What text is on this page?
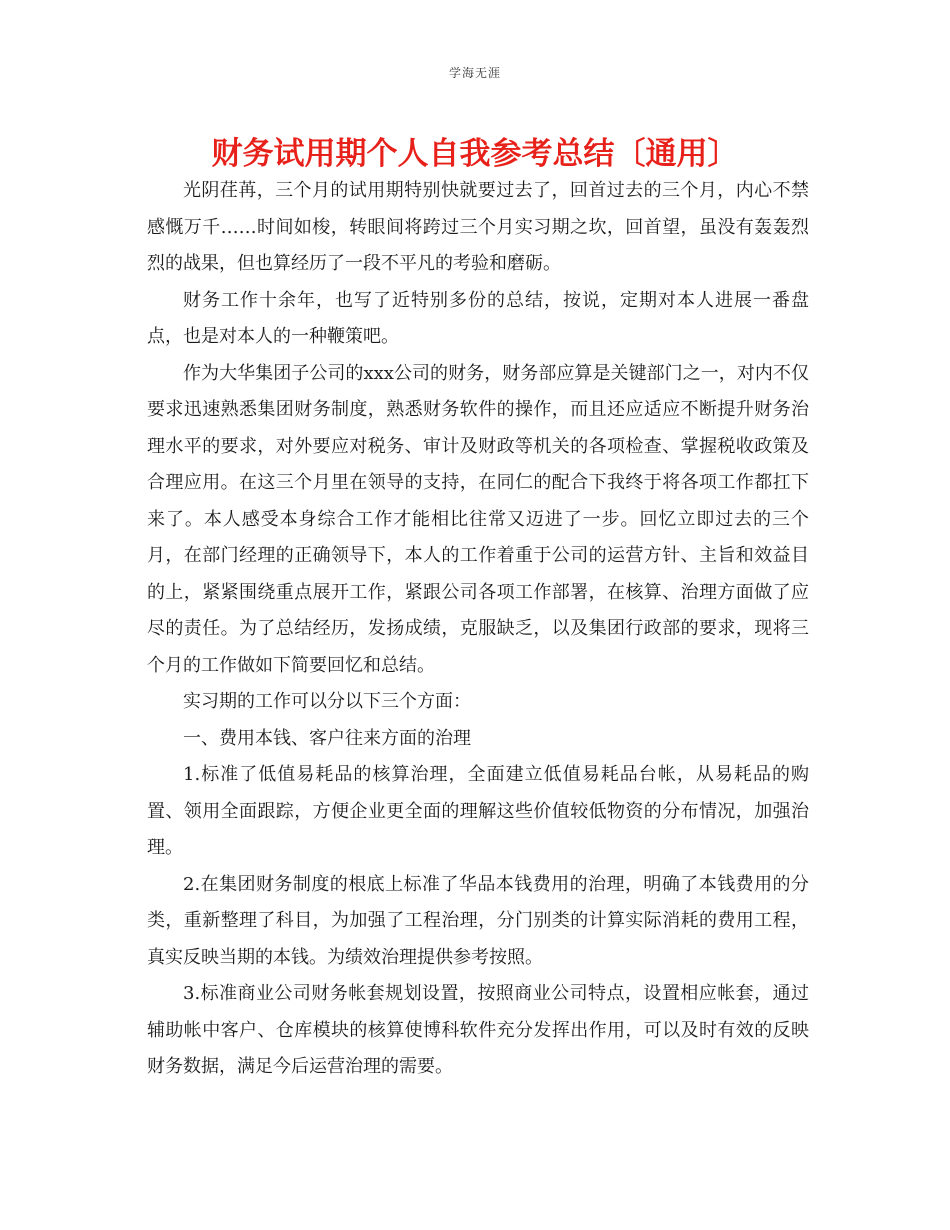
学海无涯
财务试用期个人自我参考总结〔通用〕

光阴荏苒，三个月的试用期特别快就要过去了，回首过去的三个月，内心不禁感慨万千……时间如梭，转眼间将跨过三个月实习期之坎，回首望，虽没有轰轰烈烈的战果，但也算经历了一段不平凡的考验和磨砺。

财务工作十余年，也写了近特别多份的总结，按说，定期对本人进展一番盘点，也是对本人的一种鞭策吧。

作为大华集团子公司的xxx公司的财务，财务部应算是关键部门之一，对内不仅要求迅速熟悉集团财务制度，熟悉财务软件的操作，而且还应适应不断提升财务治理水平的要求，对外要应对税务、审计及财政等机关的各项检查、掌握税收政策及合理应用。在这三个月里在领导的支持，在同仁的配合下我终于将各项工作都扛下来了。本人感受本身综合工作才能相比往常又迈进了一步。回忆立即过去的三个月，在部门经理的正确领导下，本人的工作着重于公司的运营方针、主旨和效益目的上，紧紧围绕重点展开工作，紧跟公司各项工作部署，在核算、治理方面做了应尽的责任。为了总结经历，发扬成绩，克服缺乏，以及集团行政部的要求，现将三个月的工作做如下简要回忆和总结。

实习期的工作可以分以下三个方面：

一、费用本钱、客户往来方面的治理

1.标准了低值易耗品的核算治理，全面建立低值易耗品台帐，从易耗品的购置、领用全面跟踪，方便企业更全面的理解这些价值较低物资的分布情况，加强治理。

2.在集团财务制度的根底上标准了华品本钱费用的治理，明确了本钱费用的分类，重新整理了科目，为加强了工程治理，分门别类的计算实际消耗的费用工程，真实反映当期的本钱。为绩效治理提供参考按照。

3.标准商业公司财务帐套规划设置，按照商业公司特点，设置相应帐套，通过辅助帐中客户、仓库模块的核算使博科软件充分发挥出作用，可以及时有效的反映财务数据，满足今后运营治理的需要。
